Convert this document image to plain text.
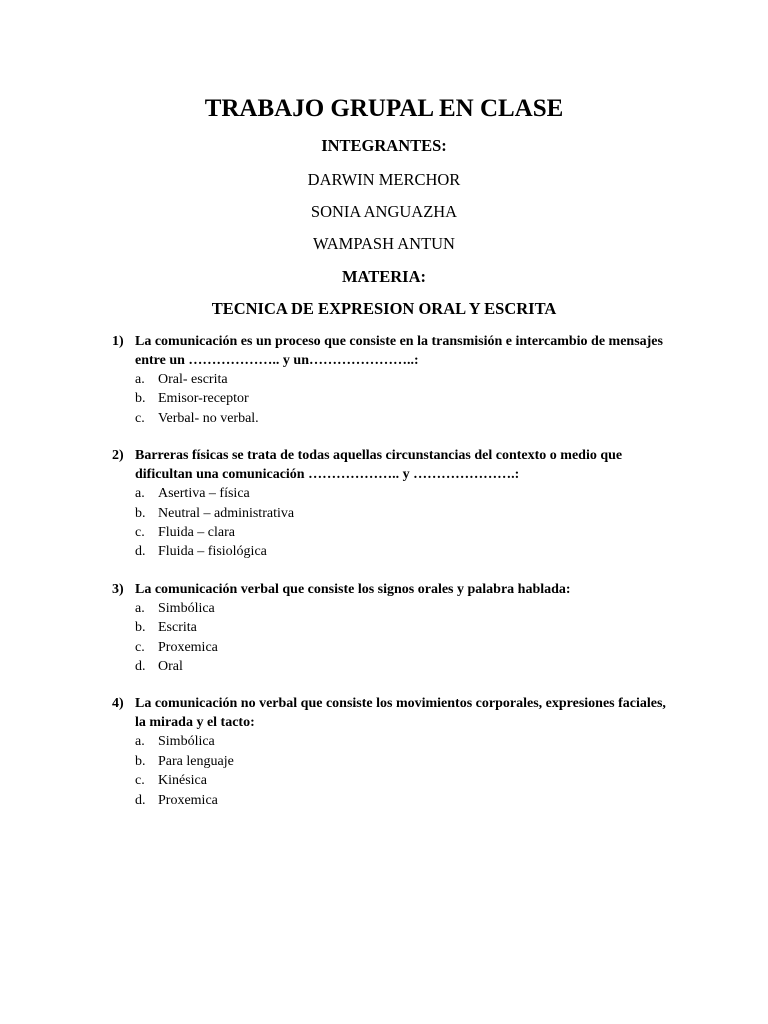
TRABAJO GRUPAL EN CLASE
INTEGRANTES:
DARWIN MERCHOR
SONIA ANGUAZHA
WAMPASH ANTUN
MATERIA:
TECNICA DE EXPRESION ORAL Y ESCRITA
1) La comunicación es un proceso que consiste en la transmisión e intercambio de mensajes entre un ……………….. y un…………………..:
a. Oral- escrita
b. Emisor-receptor
c. Verbal- no verbal.
2) Barreras físicas se trata de todas aquellas circunstancias del contexto o medio que dificultan una comunicación ……………….. y ………………….:
a. Asertiva – física
b. Neutral – administrativa
c. Fluida – clara
d. Fluida – fisiológica
3) La comunicación verbal que consiste los signos orales y palabra hablada:
a. Simbólica
b. Escrita
c. Proxemica
d. Oral
4) La comunicación no verbal que consiste los movimientos corporales, expresiones faciales, la mirada y el tacto:
a. Simbólica
b. Para lenguaje
c. Kinésica
d. Proxemica
